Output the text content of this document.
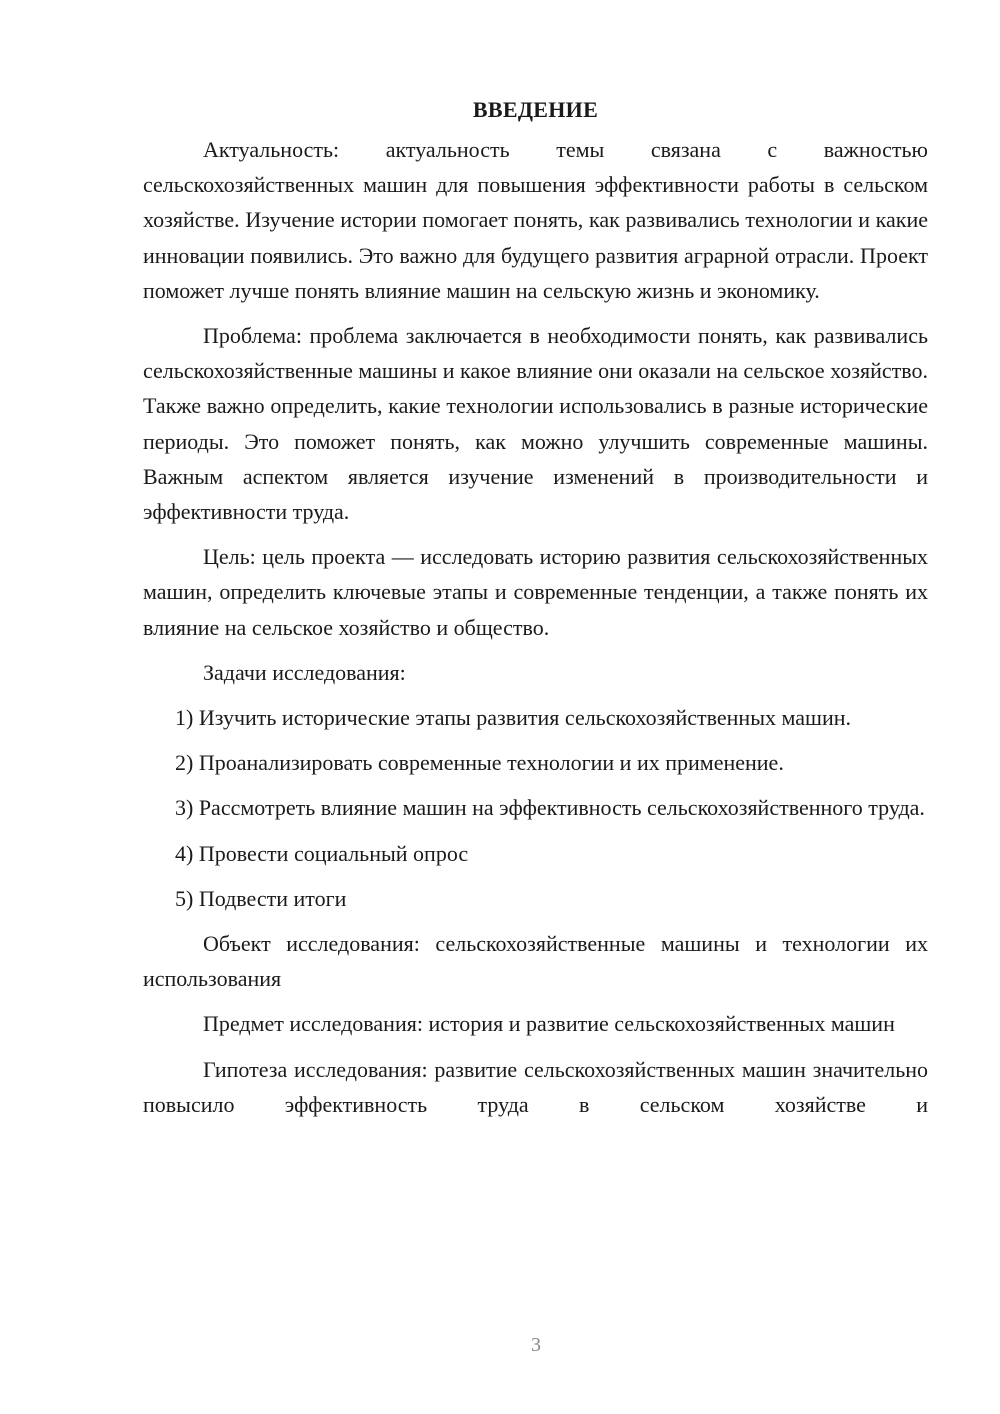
ВВЕДЕНИЕ

Актуальность: актуальность темы связана с важностью сельскохозяйственных машин для повышения эффективности работы в сельском хозяйстве. Изучение истории помогает понять, как развивались технологии и какие инновации появились. Это важно для будущего развития аграрной отрасли. Проект поможет лучше понять влияние машин на сельскую жизнь и экономику.

Проблема: проблема заключается в необходимости понять, как развивались сельскохозяйственные машины и какое влияние они оказали на сельское хозяйство. Также важно определить, какие технологии использовались в разные исторические периоды. Это поможет понять, как можно улучшить современные машины. Важным аспектом является изучение изменений в производительности и эффективности труда.

Цель: цель проекта — исследовать историю развития сельскохозяйственных машин, определить ключевые этапы и современные тенденции, а также понять их влияние на сельское хозяйство и общество.

Задачи исследования:

1) Изучить исторические этапы развития сельскохозяйственных машин.

2) Проанализировать современные технологии и их применение.

3) Рассмотреть влияние машин на эффективность сельскохозяйственного труда.

4) Провести социальный опрос

5) Подвести итоги

Объект исследования: сельскохозяйственные машины и технологии их использования

Предмет исследования: история и развитие сельскохозяйственных машин

Гипотеза исследования: развитие сельскохозяйственных машин значительно повысило эффективность труда в сельском хозяйстве и

3
